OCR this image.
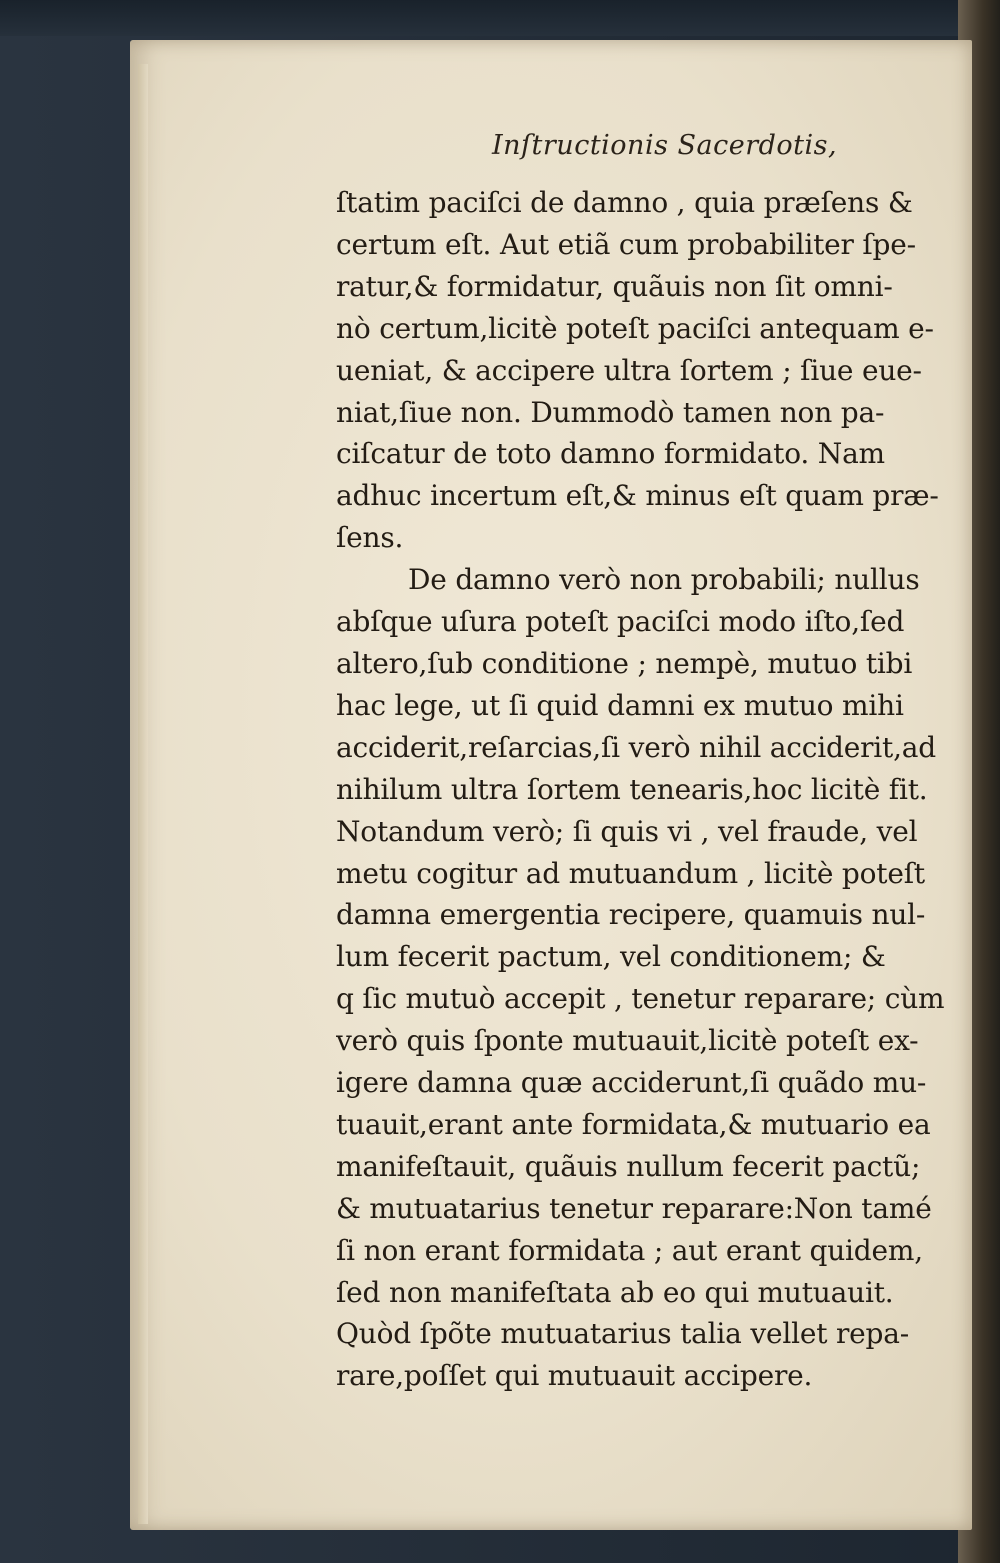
Inſtructionis Sacerdotis,
ſtatim paciſci de damno , quia præſens &
certum eſt. Aut etiã cum probabiliter ſpe-
ratur,& formidatur, quãuis non ſit omni-
nò certum,licitè poteſt paciſci antequam e-
ueniat, & accipere ultra ſortem ; ſiue eue-
niat,ſiue non. Dummodò tamen non pa-
ciſcatur de toto damno formidato. Nam
adhuc incertum eſt,& minus eſt quam præ-
ſens.
De damno verò non probabili; nullus
abſque uſura poteſt paciſci modo iſto,ſed
altero,ſub conditione ; nempè, mutuo tibi
hac lege, ut ſi quid damni ex mutuo mihi
acciderit,reſarcias,ſi verò nihil acciderit,ad
nihilum ultra ſortem tenearis,hoc licitè fit.
Notandum verò; ſi quis vi , vel fraude, vel
metu cogitur ad mutuandum , licitè poteſt
damna emergentia recipere, quamuis nul-
lum fecerit pactum, vel conditionem; &
q ſic mutuò accepit , tenetur reparare; cùm
verò quis ſponte mutuauit,licitè poteſt ex-
igere damna quæ acciderunt,ſi quãdo mu-
tuauit,erant ante formidata,& mutuario ea
manifeſtauit, quãuis nullum fecerit pactũ;
& mutuatarius tenetur reparare:Non tamé
ſi non erant formidata ; aut erant quidem,
ſed non manifeſtata ab eo qui mutuauit.
Quòd ſpõte mutuatarius talia vellet repa-
rare,poſſet qui mutuauit accipere.
